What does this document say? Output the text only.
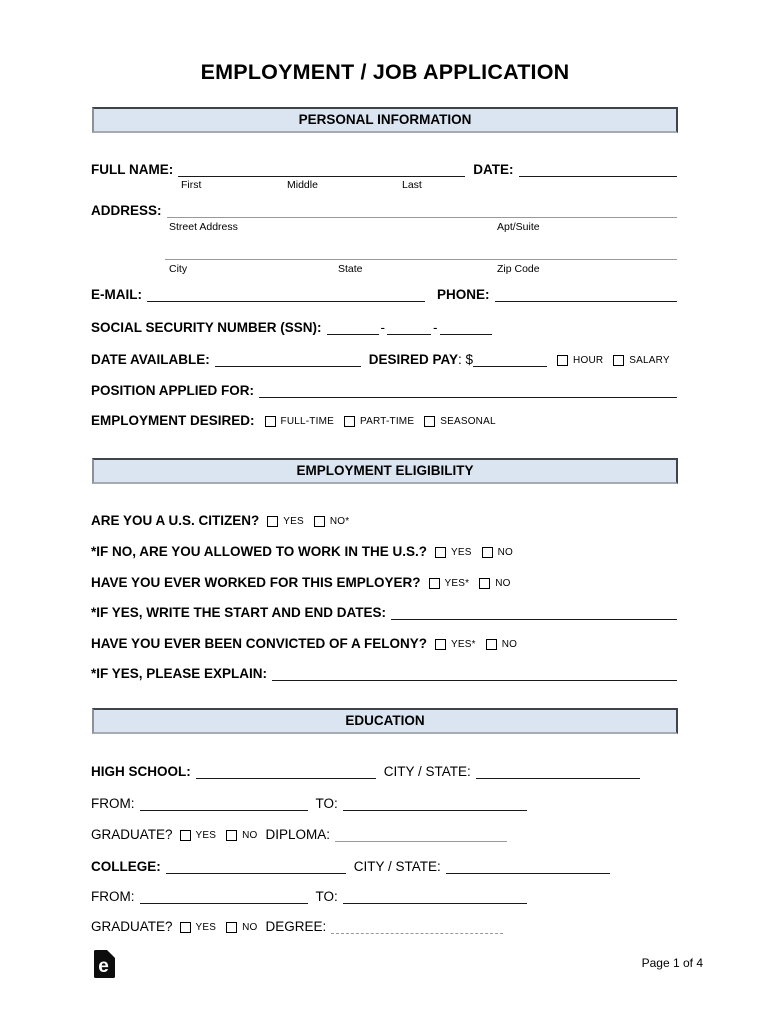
EMPLOYMENT / JOB APPLICATION
PERSONAL INFORMATION
FULL NAME:	DATE:
First	Middle	Last
ADDRESS:
Street Address	Apt/Suite
City	State	Zip Code
E-MAIL:	PHONE:
SOCIAL SECURITY NUMBER (SSN):	-	-
DATE AVAILABLE:	DESIRED PAY : $	HOUR	SALARY
POSITION APPLIED FOR:
EMPLOYMENT DESIRED:	FULL-TIME	PART-TIME	SEASONAL
EMPLOYMENT ELIGIBILITY
ARE YOU A U.S. CITIZEN? YES	NO*
*IF NO, ARE YOU ALLOWED TO WORK IN THE U.S.? YES	NO
HAVE YOU EVER WORKED FOR THIS EMPLOYER? YES*	NO
*IF YES, WRITE THE START AND END DATES:
HAVE YOU EVER BEEN CONVICTED OF A FELONY? YES*	NO
*IF YES, PLEASE EXPLAIN:
EDUCATION
HIGH SCHOOL:	CITY / STATE:
FROM:	TO:
GRADUATE? YES	NO DIPLOMA:
COLLEGE:	CITY / STATE:
FROM:	TO:
GRADUATE? YES	NO DEGREE:
e	Page 1 of 4
